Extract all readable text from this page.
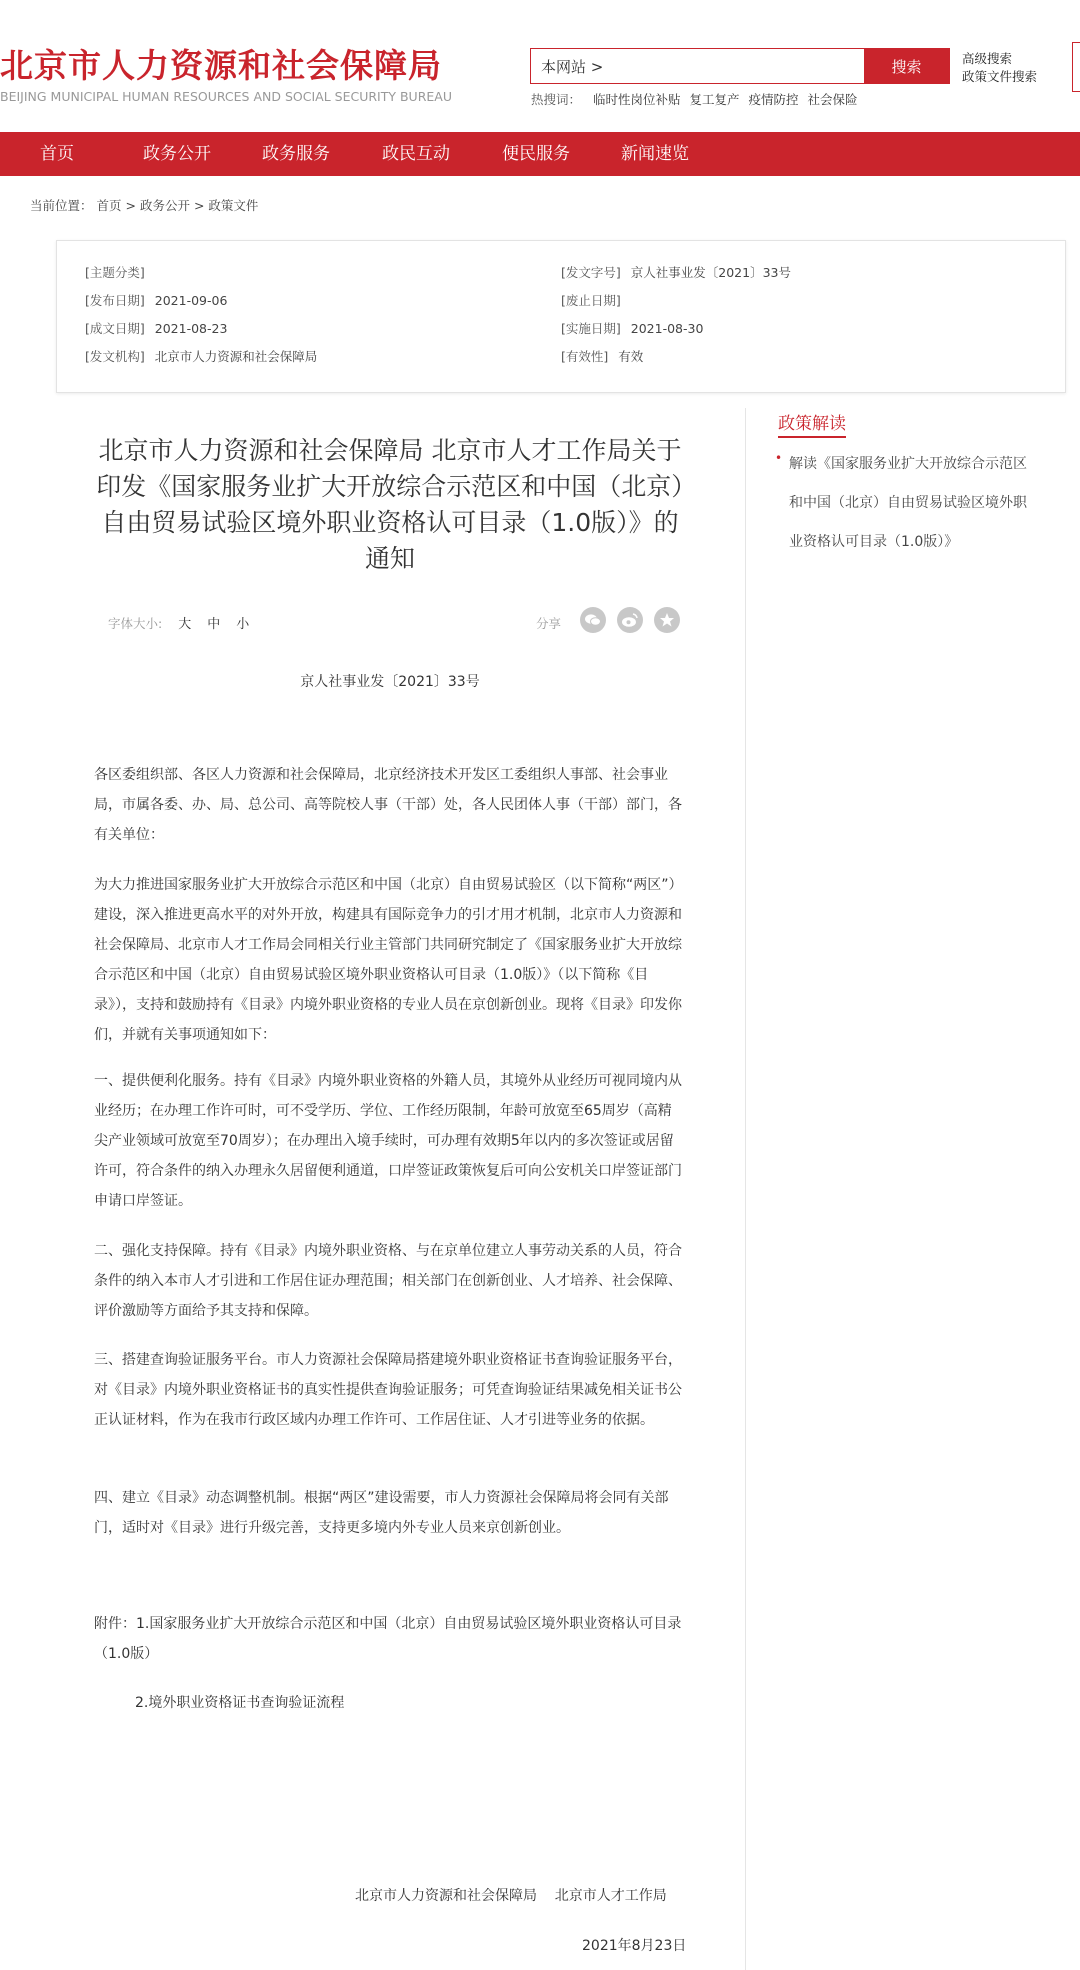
北京市人力资源和社会保障局
BEIJING MUNICIPAL HUMAN RESOURCES AND SOCIAL SECURITY BUREAU
本网站 >
搜索
热搜词： 临时性岗位补贴 复工复产 疫情防控 社会保险
高级搜索
政策文件搜索
首页	政务公开	政务服务	政民互动	便民服务	新闻速览
当前位置： 首页 > 政务公开 > 政策文件
[主题分类]	[发文字号] 京人社事业发〔2021〕33号
[发布日期] 2021-09-06	[废止日期]
[成文日期] 2021-08-23	[实施日期] 2021-08-30
[发文机构] 北京市人力资源和社会保障局	[有效性] 有效
政策解读
• 解读《国家服务业扩大开放综合示范区和中国（北京）自由贸易试验区境外职业资格认可目录（1.0版）》
北京市人力资源和社会保障局 北京市人才工作局关于印发《国家服务业扩大开放综合示范区和中国（北京）自由贸易试验区境外职业资格认可目录（1.0版）》的通知
字体大小: 大 中 小	分享
京人社事业发〔2021〕33号
各区委组织部、各区人力资源和社会保障局，北京经济技术开发区工委组织人事部、社会事业局，市属各委、办、局、总公司、高等院校人事（干部）处，各人民团体人事（干部）部门，各有关单位：
为大力推进国家服务业扩大开放综合示范区和中国（北京）自由贸易试验区（以下简称“两区”）建设，深入推进更高水平的对外开放，构建具有国际竞争力的引才用才机制，北京市人力资源和社会保障局、北京市人才工作局会同相关行业主管部门共同研究制定了《国家服务业扩大开放综合示范区和中国（北京）自由贸易试验区境外职业资格认可目录（1.0版）》（以下简称《目录》），支持和鼓励持有《目录》内境外职业资格的专业人员在京创新创业。现将《目录》印发你们，并就有关事项通知如下：
一、提供便利化服务。持有《目录》内境外职业资格的外籍人员，其境外从业经历可视同境内从业经历；在办理工作许可时，可不受学历、学位、工作经历限制，年龄可放宽至65周岁（高精尖产业领域可放宽至70周岁）；在办理出入境手续时，可办理有效期5年以内的多次签证或居留许可，符合条件的纳入办理永久居留便利通道，口岸签证政策恢复后可向公安机关口岸签证部门申请口岸签证。
二、强化支持保障。持有《目录》内境外职业资格、与在京单位建立人事劳动关系的人员，符合条件的纳入本市人才引进和工作居住证办理范围；相关部门在创新创业、人才培养、社会保障、评价激励等方面给予其支持和保障。
三、搭建查询验证服务平台。市人力资源社会保障局搭建境外职业资格证书查询验证服务平台，对《目录》内境外职业资格证书的真实性提供查询验证服务；可凭查询验证结果减免相关证书公正认证材料，作为在我市行政区域内办理工作许可、工作居住证、人才引进等业务的依据。
四、建立《目录》动态调整机制。根据“两区”建设需要，市人力资源社会保障局将会同有关部门，适时对《目录》进行升级完善，支持更多境内外专业人员来京创新创业。
附件：1.国家服务业扩大开放综合示范区和中国（北京）自由贸易试验区境外职业资格认可目录（1.0版）
2.境外职业资格证书查询验证流程
北京市人力资源和社会保障局    北京市人才工作局
2021年8月23日
